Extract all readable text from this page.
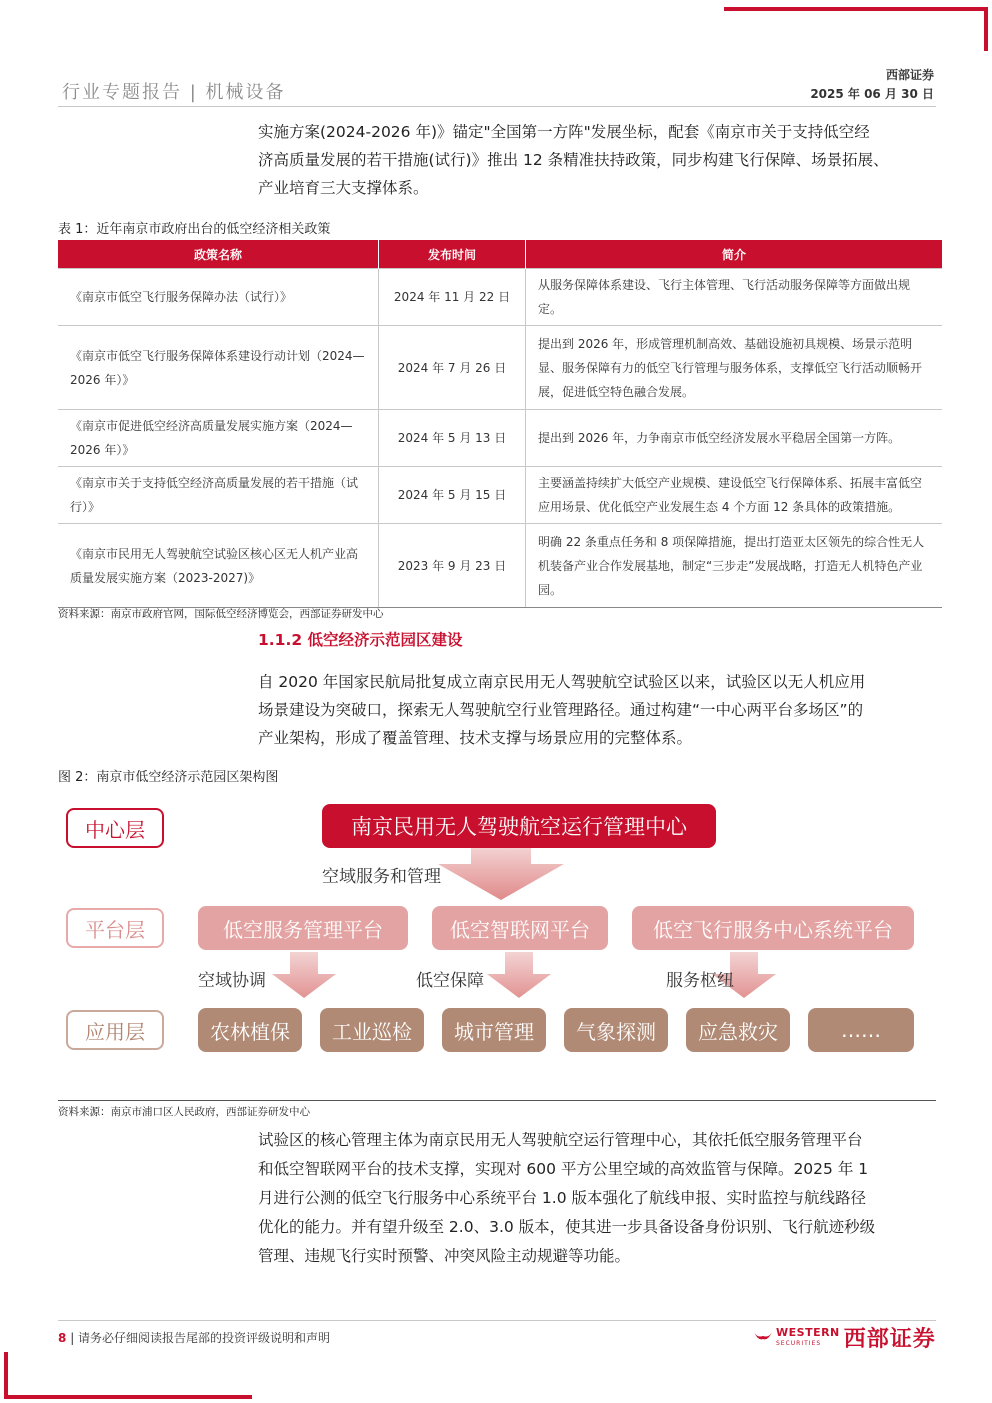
行业专题报告 | 机械设备
西部证券
2025 年 06 月 30 日

实施方案(2024-2026 年)》锚定"全国第一方阵"发展坐标，配套《南京市关于支持低空经

济高质量发展的若干措施(试行)》推出 12 条精准扶持政策，同步构建飞行保障、场景拓展、

产业培育三大支撑体系。

表 1：近年南京市政府出台的低空经济相关政策
政策名称	发布时间	简介
《南京市低空飞行服务保障办法（试行）》	2024 年 11 月 22 日	从服务保障体系建设、飞行主体管理、飞行活动服务保障等方面做出规定。
《南京市低空飞行服务保障体系建设行动计划（2024—2026 年）》	2024 年 7 月 26 日	提出到 2026 年，形成管理机制高效、基础设施初具规模、场景示范明显、服务保障有力的低空飞行管理与服务体系，支撑低空飞行活动顺畅开展，促进低空特色融合发展。
《南京市促进低空经济高质量发展实施方案（2024—2026 年）》	2024 年 5 月 13 日	提出到 2026 年，力争南京市低空经济发展水平稳居全国第一方阵。
《南京市关于支持低空经济高质量发展的若干措施（试行）》	2024 年 5 月 15 日	主要涵盖持续扩大低空产业规模、建设低空飞行保障体系、拓展丰富低空应用场景、优化低空产业发展生态 4 个方面 12 条具体的政策措施。
《南京市民用无人驾驶航空试验区核心区无人机产业高质量发展实施方案（2023-2027)》	2023 年 9 月 23 日	明确 22 条重点任务和 8 项保障措施，提出打造亚太区领先的综合性无人机装备产业合作发展基地，制定“三步走”发展战略，打造无人机特色产业园。
资料来源：南京市政府官网，国际低空经济博览会，西部证券研发中心
1.1.2 低空经济示范园区建设

自 2020 年国家民航局批复成立南京民用无人驾驶航空试验区以来，试验区以无人机应用

场景建设为突破口，探索无人驾驶航空行业管理路径。通过构建“一中心两平台多场区”的

产业架构，形成了覆盖管理、技术支撑与场景应用的完整体系。

图 2：南京市低空经济示范园区架构图
中心层
平台层
应用层
南京民用无人驾驶航空运行管理中心
空域服务和管理
低空服务管理平台	低空智联网平台	低空飞行服务中心系统平台
空域协调	低空保障	服务枢纽
农林植保	工业巡检	城市管理	气象探测	应急救灾	……
资料来源：南京市浦口区人民政府，西部证券研发中心

试验区的核心管理主体为南京民用无人驾驶航空运行管理中心，其依托低空服务管理平台

和低空智联网平台的技术支撑，实现对 600 平方公里空域的高效监管与保障。2025 年 1

月进行公测的低空飞行服务中心系统平台 1.0 版本强化了航线申报、实时监控与航线路径

优化的能力。并有望升级至 2.0、3.0 版本，使其进一步具备设备身份识别、飞行航迹秒级

管理、违规飞行实时预警、冲突风险主动规避等功能。

8 | 请务必仔细阅读报告尾部的投资评级说明和声明	WESTERN
SECURITIES	西部证券
